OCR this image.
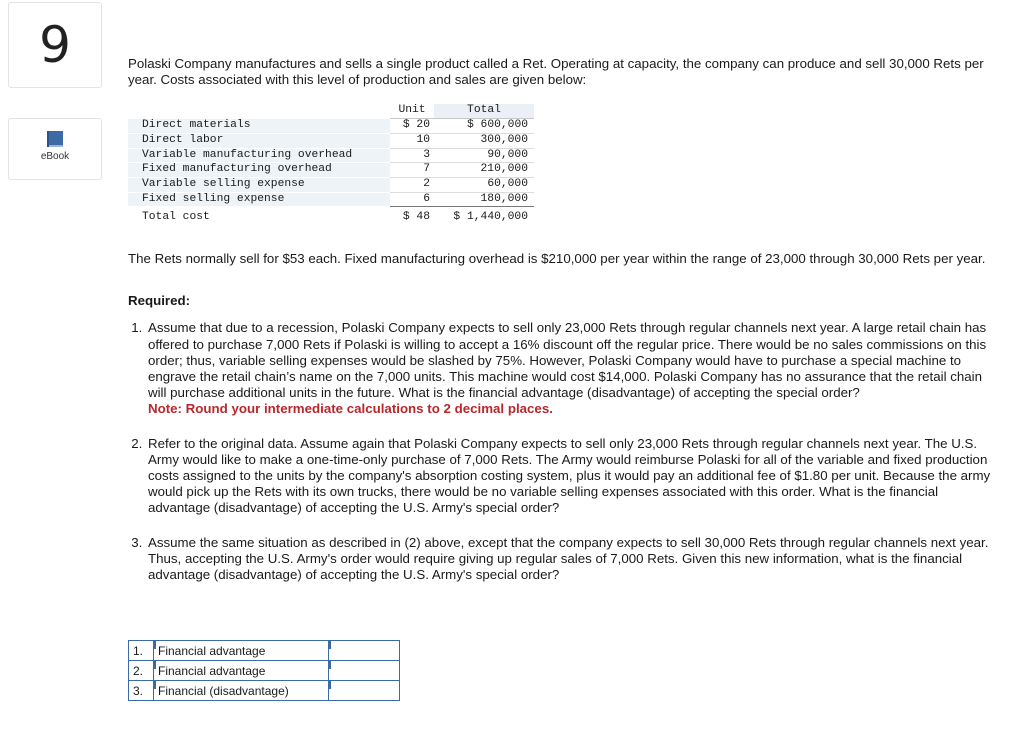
9
eBook

Polaski Company manufactures and sells a single product called a Ret. Operating at capacity, the company can produce and sell 30,000 Rets per year. Costs associated with this level of production and sales are given below:

	Unit	Total
Direct materials	$ 20	$ 600,000
Direct labor	10	300,000
Variable manufacturing overhead	3	90,000
Fixed manufacturing overhead	7	210,000
Variable selling expense	2	60,000
Fixed selling expense	6	180,000
Total cost	$ 48	$ 1,440,000

The Rets normally sell for $53 each. Fixed manufacturing overhead is $210,000 per year within the range of 23,000 through 30,000 Rets per year.

Required:

1. Assume that due to a recession, Polaski Company expects to sell only 23,000 Rets through regular channels next year. A large retail chain has offered to purchase 7,000 Rets if Polaski is willing to accept a 16% discount off the regular price. There would be no sales commissions on this order; thus, variable selling expenses would be slashed by 75%. However, Polaski Company would have to purchase a special machine to engrave the retail chain’s name on the 7,000 units. This machine would cost $14,000. Polaski Company has no assurance that the retail chain will purchase additional units in the future. What is the financial advantage (disadvantage) of accepting the special order?
Note: Round your intermediate calculations to 2 decimal places.
2. Refer to the original data. Assume again that Polaski Company expects to sell only 23,000 Rets through regular channels next year. The U.S. Army would like to make a one-time-only purchase of 7,000 Rets. The Army would reimburse Polaski for all of the variable and fixed production costs assigned to the units by the company's absorption costing system, plus it would pay an additional fee of $1.80 per unit. Because the army would pick up the Rets with its own trucks, there would be no variable selling expenses associated with this order. What is the financial advantage (disadvantage) of accepting the U.S. Army's special order?
3. Assume the same situation as described in (2) above, except that the company expects to sell 30,000 Rets through regular channels next year. Thus, accepting the U.S. Army's order would require giving up regular sales of 7,000 Rets. Given this new information, what is the financial advantage (disadvantage) of accepting the U.S. Army's special order?
1.	Financial advantage	

2.	Financial advantage	

3.	Financial (disadvantage)	
